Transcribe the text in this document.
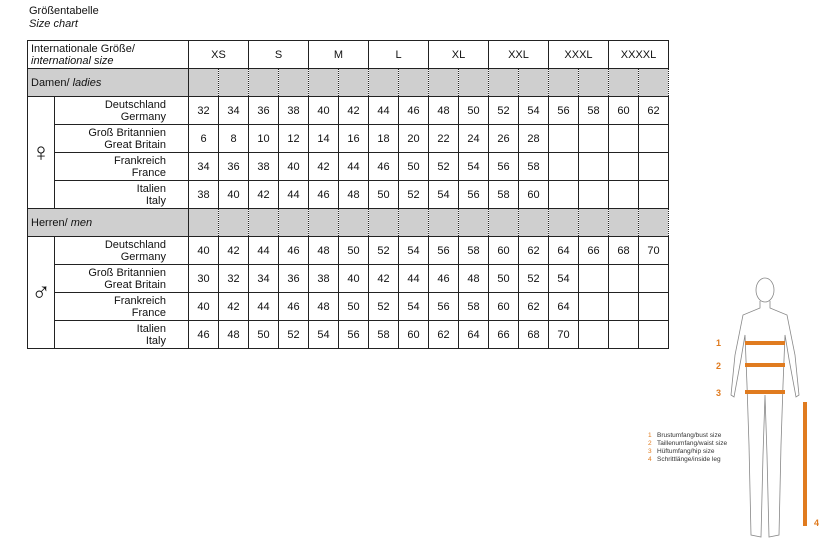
Größentabelle
Size chart
Internationale Größe/
international size		XS		S		M		L		XL		XXL		XXXL		XXXXL	
Damen/ ladies																	
♀	Deutschland
Germany	32	34	36	38	40	42	44	46	48	50	52	54	56	58	60	62

	Groß Britannien
Great Britain	6	8	10	12	14	16	18	20	22	24	26	28				

	Frankreich
France	34	36	38	40	42	44	46	50	52	54	56	58				

	Italien
Italy	38	40	42	44	46	48	50	52	54	56	58	60				
Herren/ men																	
♂	Deutschland
Germany	40	42	44	46	48	50	52	54	56	58	60	62	64	66	68	70

	Groß Britannien
Great Britain	30	32	34	36	38	40	42	44	46	48	50	52	54			

	Frankreich
France	40	42	44	46	48	50	52	54	56	58	60	62	64			

	Italien
Italy	46	48	50	52	54	56	58	60	62	64	66	68	70			
1
2
3
4
1 Brustumfang/bust size
2 Taillenumfang/waist size
3 Hüftumfang/hip size
4 Schrittlänge/inside leg
